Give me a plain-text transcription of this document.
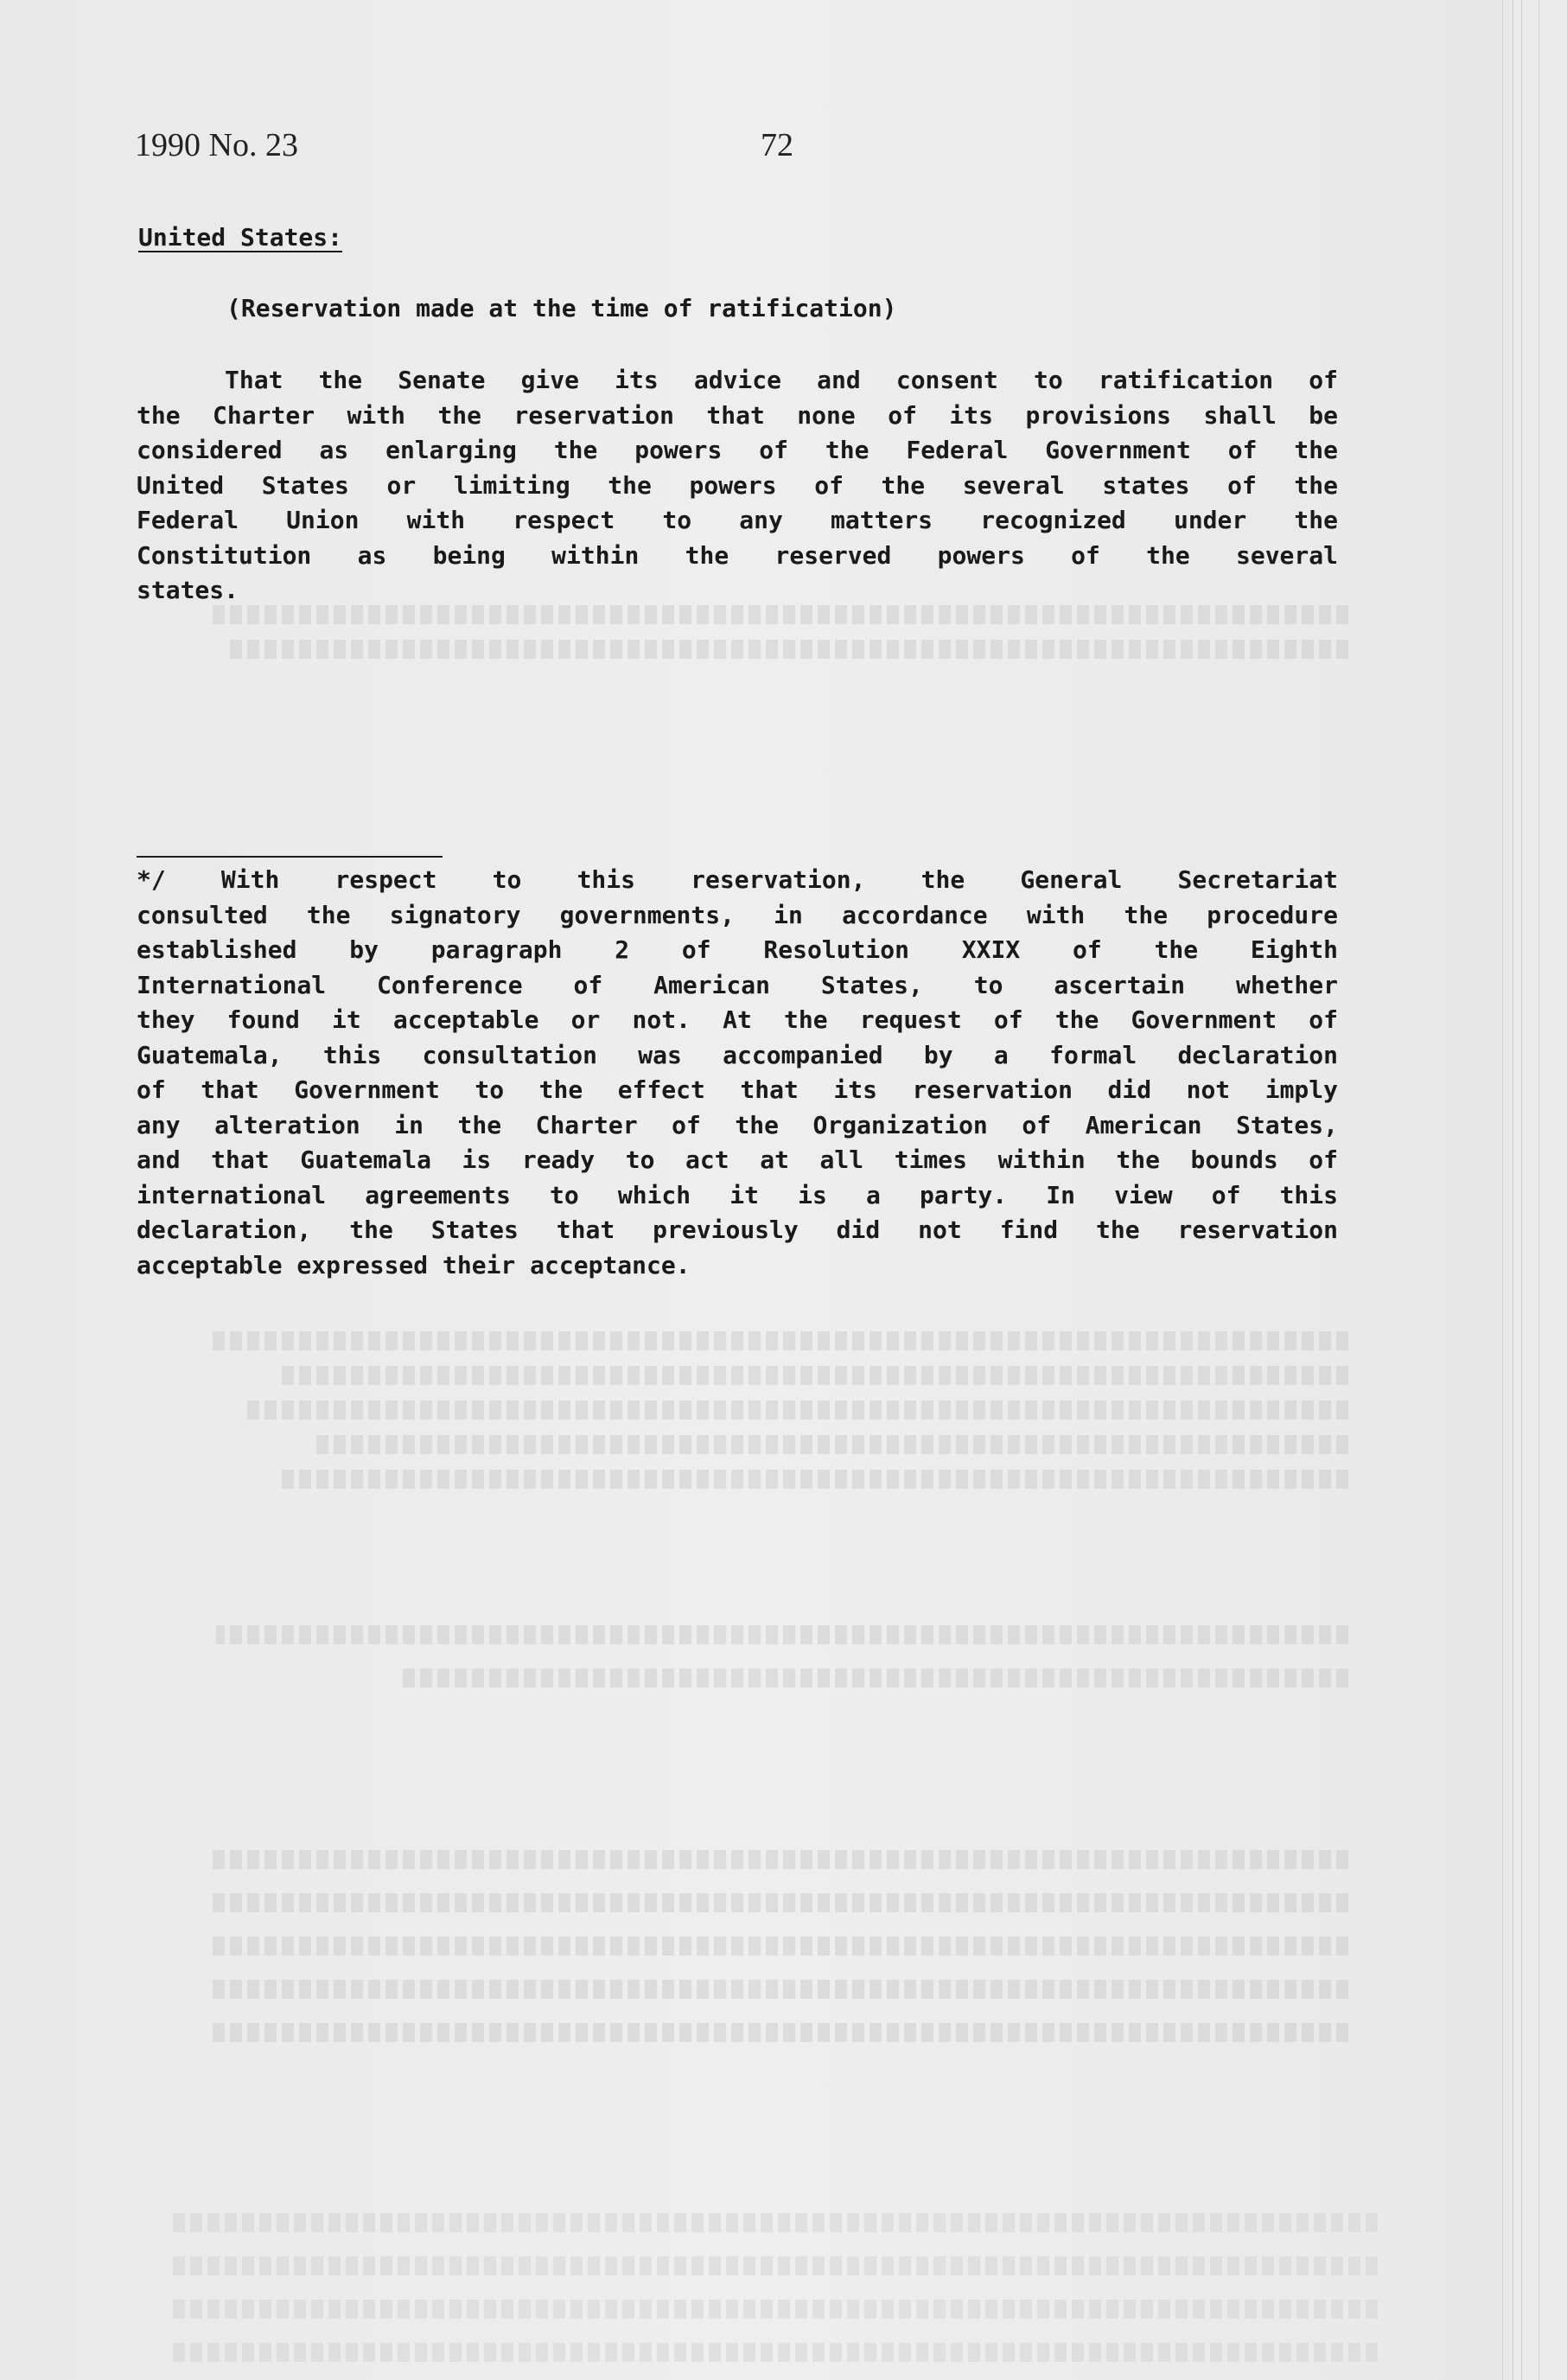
1990 No. 23	72
United States:
(Reservation made at the time of ratification)
That the Senate give its advice and consent to ratification of
the Charter with the reservation that none of its provisions shall be
considered as enlarging the powers of the Federal Government of the
United States or limiting the powers of the several states of the
Federal Union with respect to any matters recognized under the
Constitution as being within the reserved powers of the several
states.
*/ With respect to this reservation, the General Secretariat
consulted the signatory governments, in accordance with the procedure
established by paragraph 2 of Resolution XXIX of the Eighth
International Conference of American States, to ascertain whether
they found it acceptable or not. At the request of the Government of
Guatemala, this consultation was accompanied by a formal declaration
of that Government to the effect that its reservation did not imply
any alteration in the Charter of the Organization of American States,
and that Guatemala is ready to act at all times within the bounds of
international agreements to which it is a party. In view of this
declaration, the States that previously did not find the reservation
acceptable expressed their acceptance.
